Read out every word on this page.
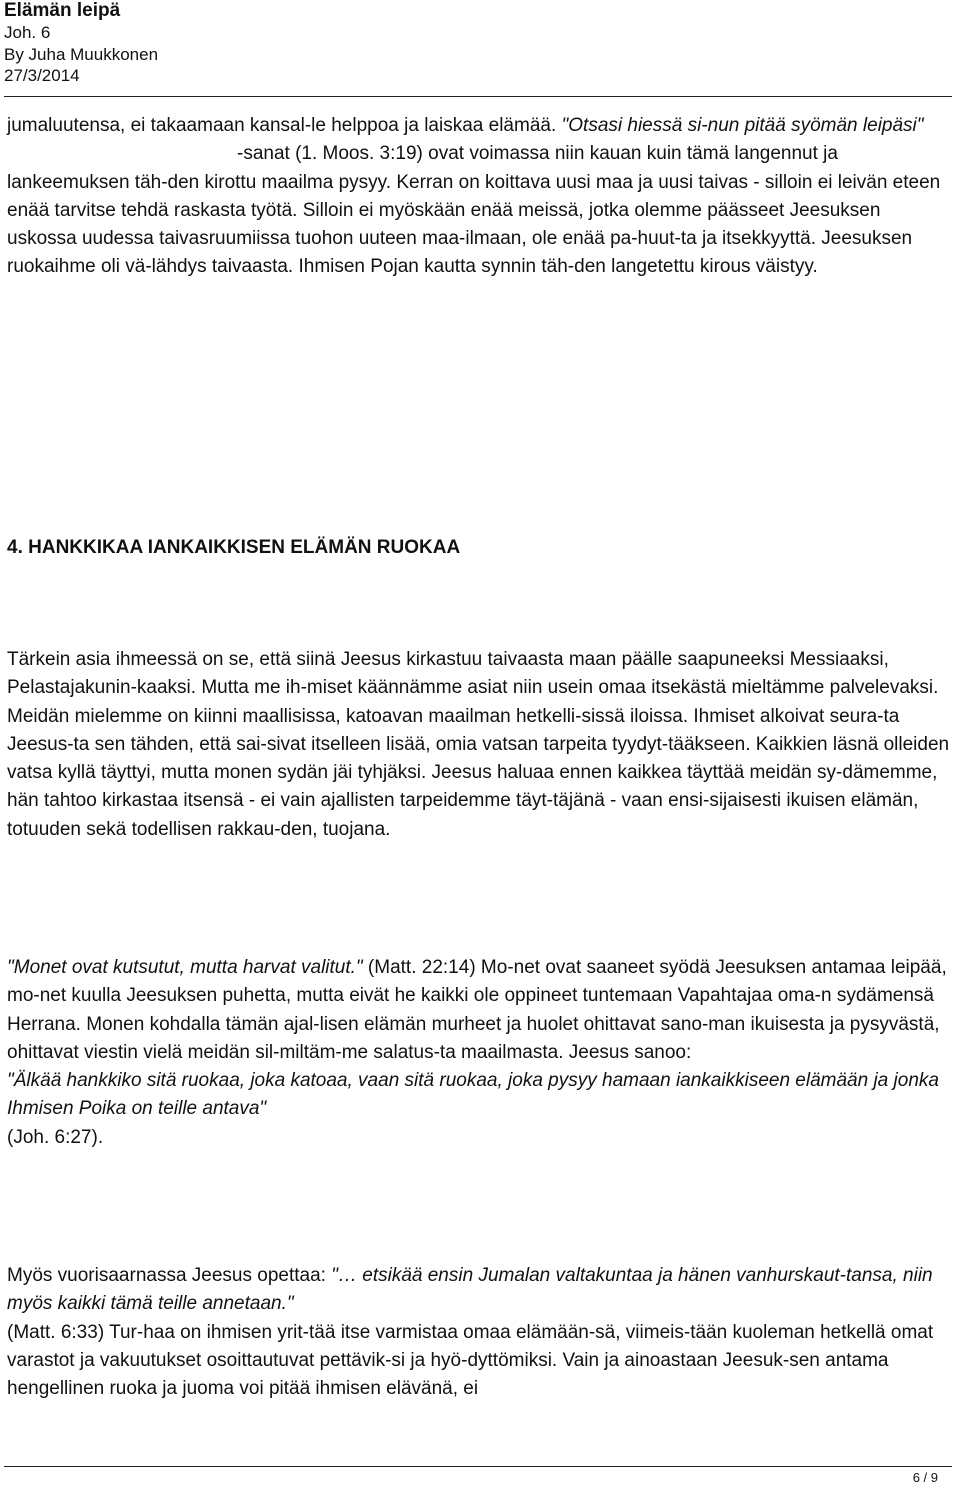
Elämän leipä
Joh. 6
By Juha Muukkonen
27/3/2014

jumaluutensa, ei takaamaan kansal-le helppoa ja laiskaa elämää. "Otsasi hiessä si-nun pitää syömän leipäsi" -sanat (1. Moos. 3:19) ovat voimassa niin kauan kuin tämä langennut ja lankeemuksen täh-den kirottu maailma pysyy. Kerran on koittava uusi maa ja uusi taivas - silloin ei leivän eteen enää tarvitse tehdä raskasta työtä. Silloin ei myöskään enää meissä, jotka olemme päässeet Jeesuksen uskossa uudessa taivasruumiissa tuohon uuteen maa-ilmaan, ole enää pa-huut-ta ja itsekkyyttä. Jeesuksen ruokaihme oli vä-lähdys taivaasta. Ihmisen Pojan kautta synnin täh-den langetettu kirous väistyy.

4. HANKKIKAA IANKAIKKISEN ELÄMÄN RUOKAA

Tärkein asia ihmeessä on se, että siinä Jeesus kirkastuu taivaasta maan päälle saapuneeksi Messiaaksi, Pelastajakunin-kaaksi. Mutta me ih-miset käännämme asiat niin usein omaa itsekästä mieltämme palvelevaksi. Meidän mielemme on kiinni maallisissa, katoavan maailman hetkelli-sissä iloissa. Ihmiset alkoivat seura-ta Jeesus-ta sen tähden, että sai-sivat itselleen lisää, omia vatsan tarpeita tyydyt-tääkseen. Kaikkien läsnä olleiden vatsa kyllä täyttyi, mutta monen sydän jäi tyhjäksi. Jeesus haluaa ennen kaikkea täyttää meidän sy-dämemme, hän tahtoo kirkastaa itsensä - ei vain ajallisten tarpeidemme täyt-täjänä - vaan ensi-sijaisesti ikuisen elämän, totuuden sekä todellisen rakkau-den, tuojana.

"Monet ovat kutsutut, mutta harvat valitut." (Matt. 22:14) Mo-net ovat saaneet syödä Jeesuksen antamaa leipää, mo-net kuulla Jeesuksen puhetta, mutta eivät he kaikki ole oppineet tuntemaan Vapahtajaa oma-n sydämensä Herrana. Monen kohdalla tämän ajal-lisen elämän murheet ja huolet ohittavat sano-man ikuisesta ja pysyvästä, ohittavat viestin vielä meidän sil-miltäm-me salatus-ta maailmasta. Jeesus sanoo:"Älkää hankkiko sitä ruokaa, joka katoaa, vaan sitä ruokaa, joka pysyy hamaan iankaikkiseen elämään ja jonka Ihmisen Poika on teille antava"
(Joh. 6:27).

Myös vuorisaarnassa Jeesus opettaa: "… etsikää ensin Jumalan valtakuntaa ja hänen vanhurskaut-tansa, niin myös kaikki tämä teille annetaan."
(Matt. 6:33) Tur-haa on ihmisen yrit-tää itse varmistaa omaa elämään-sä, viimeis-tään kuoleman hetkellä omat varastot ja vakuutukset osoittautuvat pettävik-si ja hyö-dyttömiksi. Vain ja ainoastaan Jeesuk-sen antama hengellinen ruoka ja juoma voi pitää ihmisen elävänä, ei

6 / 9
